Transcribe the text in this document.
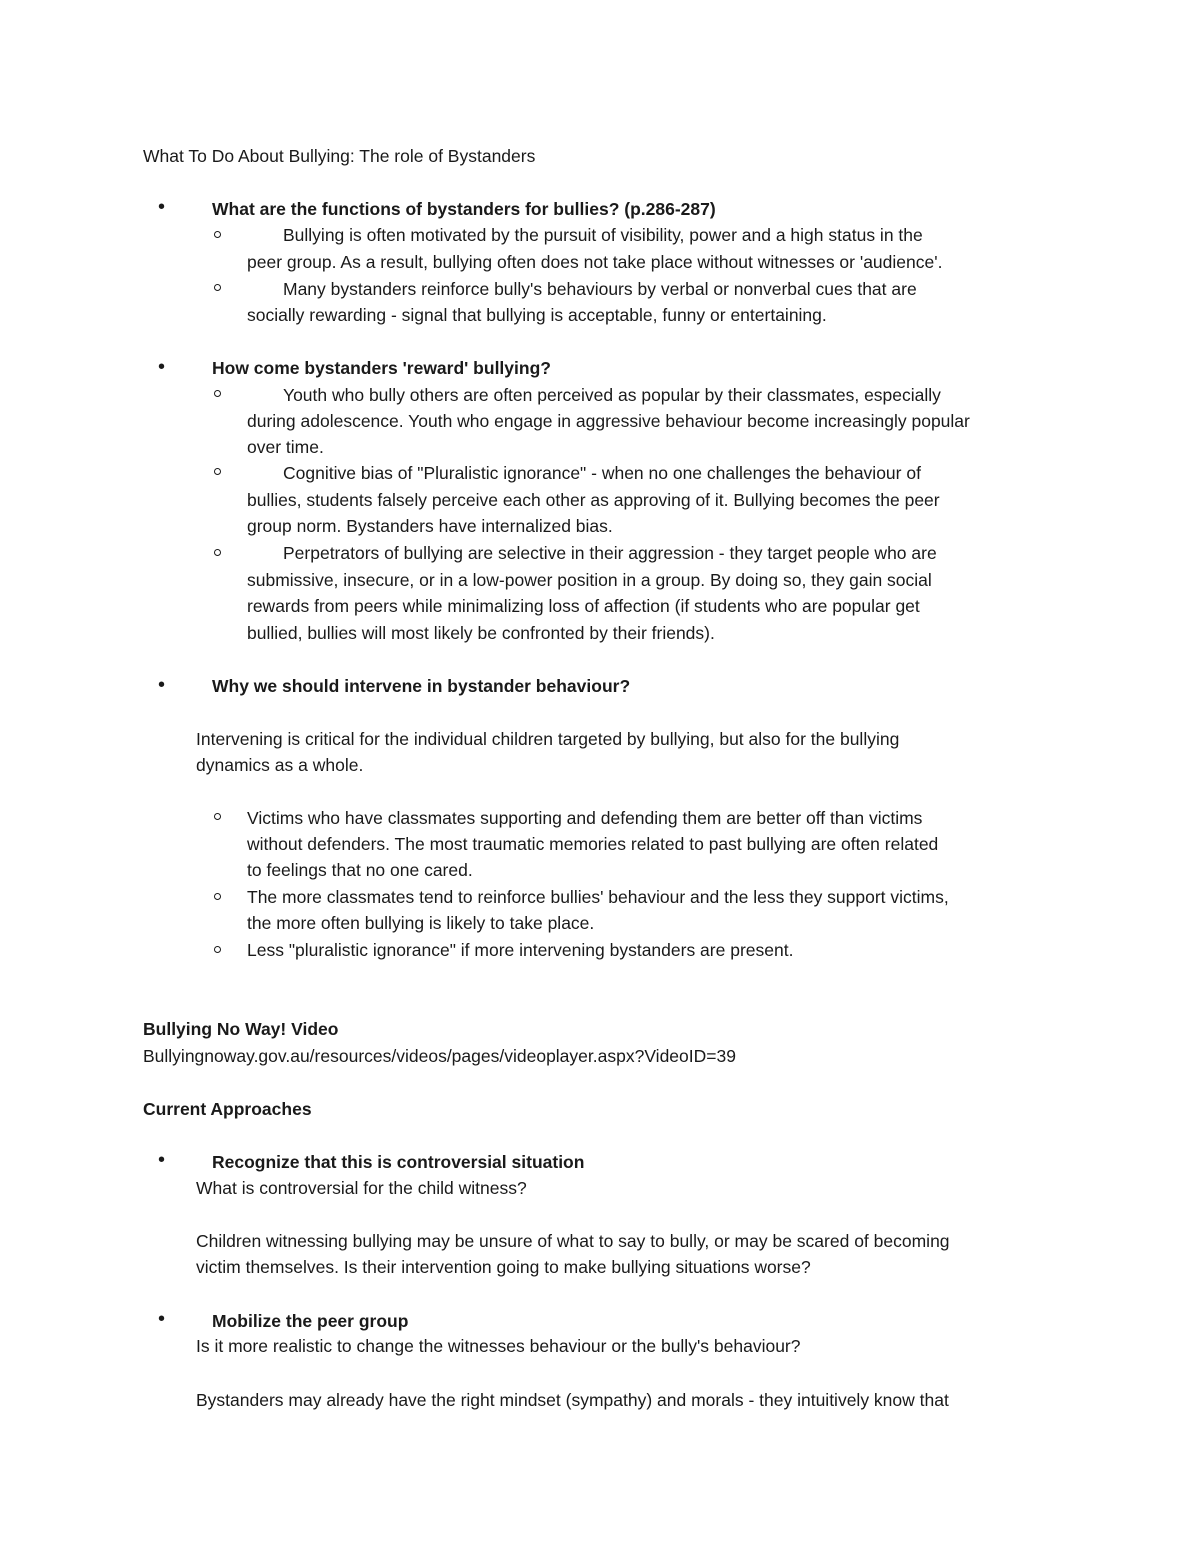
What To Do About Bullying: The role of Bystanders
•	What are the functions of bystanders for bullies? (p.286-287)
Bullying is often motivated by the pursuit of visibility, power and a high status in the
peer group. As a result, bullying often does not take place without witnesses or 'audience'.
Many bystanders reinforce bully's behaviours by verbal or nonverbal cues that are
socially rewarding - signal that bullying is acceptable, funny or entertaining.
•	How come bystanders 'reward' bullying?
Youth who bully others are often perceived as popular by their classmates, especially
during adolescence. Youth who engage in aggressive behaviour become increasingly popular
over time.
Cognitive bias of "Pluralistic ignorance" - when no one challenges the behaviour of
bullies, students falsely perceive each other as approving of it. Bullying becomes the peer
group norm. Bystanders have internalized bias.
Perpetrators of bullying are selective in their aggression - they target people who are
submissive, insecure, or in a low-power position in a group. By doing so, they gain social
rewards from peers while minimalizing loss of affection (if students who are popular get
bullied, bullies will most likely be confronted by their friends).
•	Why we should intervene in bystander behaviour?
Intervening is critical for the individual children targeted by bullying, but also for the bullying
dynamics as a whole.
Victims who have classmates supporting and defending them are better off than victims
without defenders. The most traumatic memories related to past bullying are often related
to feelings that no one cared.
The more classmates tend to reinforce bullies' behaviour and the less they support victims,
the more often bullying is likely to take place.
Less "pluralistic ignorance" if more intervening bystanders are present.
Bullying No Way! Video
Bullyingnoway.gov.au/resources/videos/pages/videoplayer.aspx?VideoID=39
Current Approaches
•	Recognize that this is controversial situation
What is controversial for the child witness?
Children witnessing bullying may be unsure of what to say to bully, or may be scared of becoming
victim themselves. Is their intervention going to make bullying situations worse?
•	Mobilize the peer group
Is it more realistic to change the witnesses behaviour or the bully's behaviour?
Bystanders may already have the right mindset (sympathy) and morals - they intuitively know that
